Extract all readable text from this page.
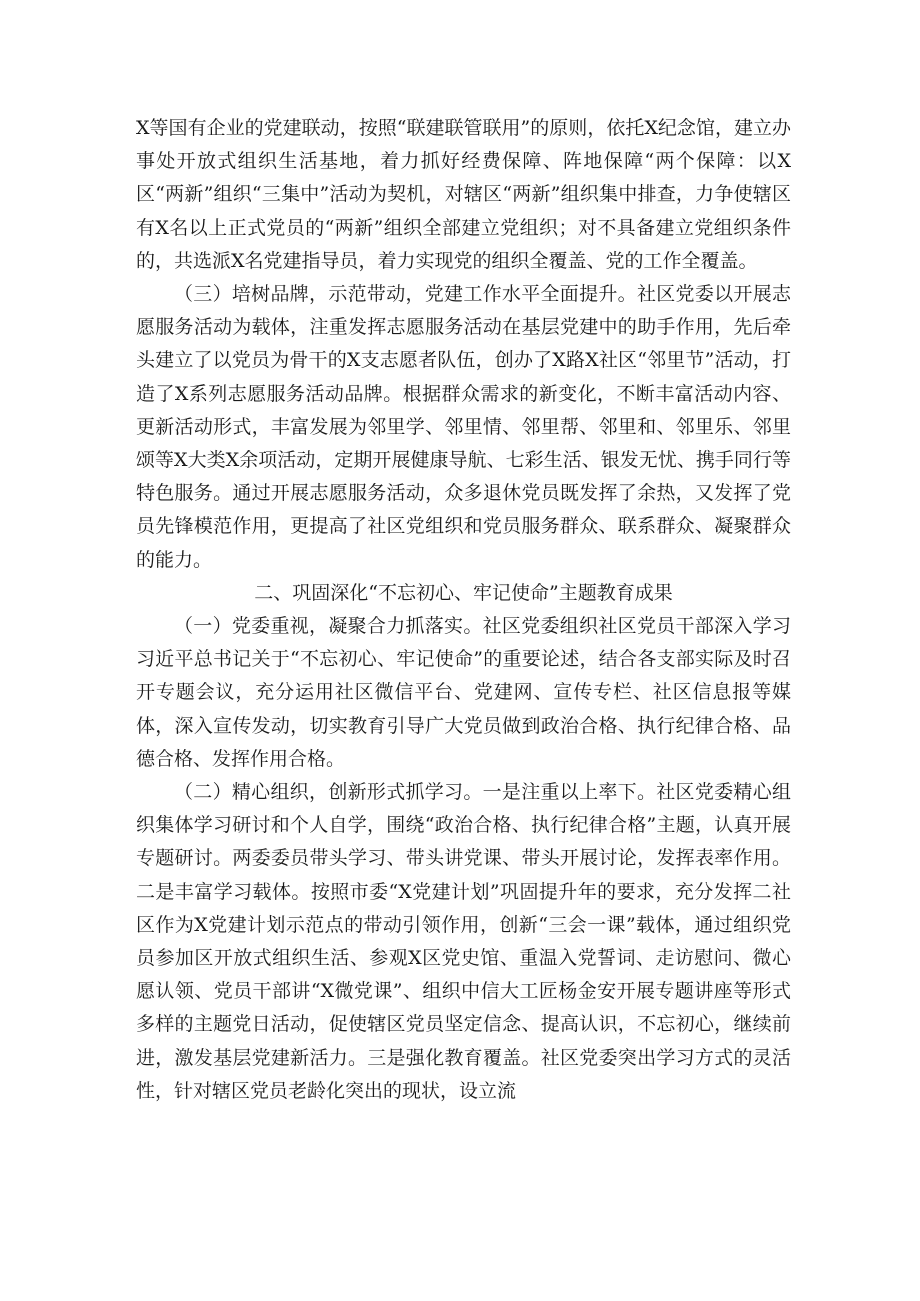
X等国有企业的党建联动，按照“联建联管联用”的原则，依托X纪念馆，建立办事处开放式组织生活基地，着力抓好经费保障、阵地保障“两个保障：以X区“两新”组织“三集中”活动为契机，对辖区“两新”组织集中排查，力争使辖区有X名以上正式党员的“两新”组织全部建立党组织；对不具备建立党组织条件的，共选派X名党建指导员，着力实现党的组织全覆盖、党的工作全覆盖。

（三）培树品牌，示范带动，党建工作水平全面提升。社区党委以开展志愿服务活动为载体，注重发挥志愿服务活动在基层党建中的助手作用，先后牵头建立了以党员为骨干的X支志愿者队伍，创办了X路X社区“邻里节”活动，打造了X系列志愿服务活动品牌。根据群众需求的新变化，不断丰富活动内容、更新活动形式，丰富发展为邻里学、邻里情、邻里帮、邻里和、邻里乐、邻里颂等X大类X余项活动，定期开展健康导航、七彩生活、银发无忧、携手同行等特色服务。通过开展志愿服务活动，众多退休党员既发挥了余热，又发挥了党员先锋模范作用，更提高了社区党组织和党员服务群众、联系群众、凝聚群众的能力。

二、巩固深化“不忘初心、牢记使命”主题教育成果

（一）党委重视，凝聚合力抓落实。社区党委组织社区党员干部深入学习习近平总书记关于“不忘初心、牢记使命”的重要论述，结合各支部实际及时召开专题会议，充分运用社区微信平台、党建网、宣传专栏、社区信息报等媒体，深入宣传发动，切实教育引导广大党员做到政治合格、执行纪律合格、品德合格、发挥作用合格。

（二）精心组织，创新形式抓学习。一是注重以上率下。社区党委精心组织集体学习研讨和个人自学，围绕“政治合格、执行纪律合格”主题，认真开展专题研讨。两委委员带头学习、带头讲党课、带头开展讨论，发挥表率作用。二是丰富学习载体。按照市委“X党建计划”巩固提升年的要求，充分发挥二社区作为X党建计划示范点的带动引领作用，创新“三会一课”载体，通过组织党员参加区开放式组织生活、参观X区党史馆、重温入党誓词、走访慰问、微心愿认领、党员干部讲“X微党课”、组织中信大工匠杨金安开展专题讲座等形式多样的主题党日活动，促使辖区党员坚定信念、提高认识，不忘初心，继续前进，激发基层党建新活力。三是强化教育覆盖。社区党委突出学习方式的灵活性，针对辖区党员老龄化突出的现状，设立流
